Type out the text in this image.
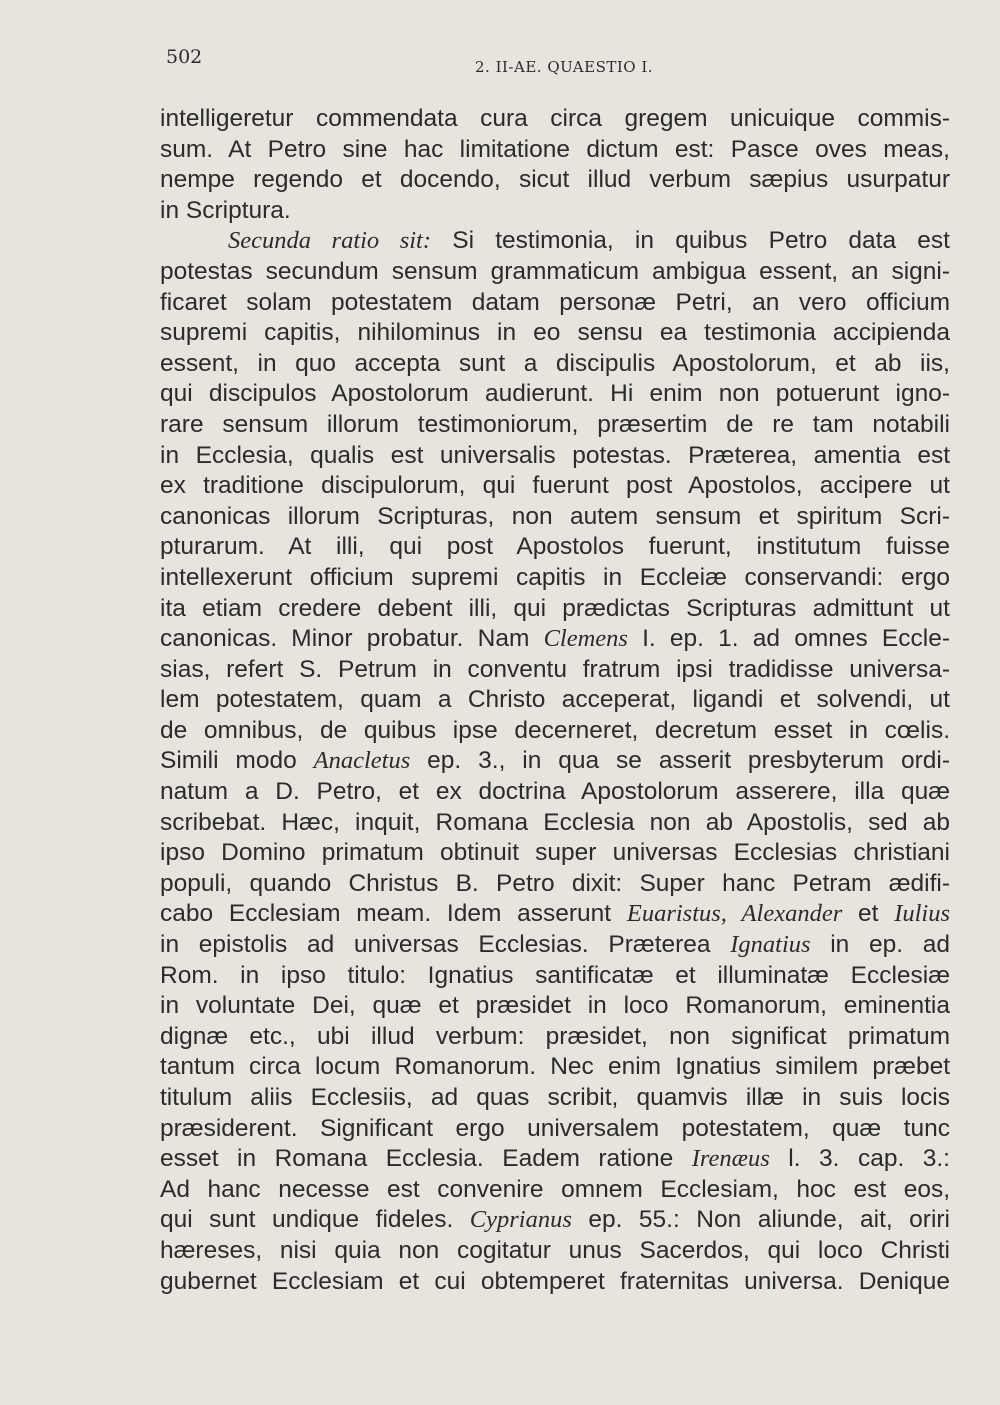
502	2. II-AE. QUAESTIO I.
intelligeretur commendata cura circa gregem unicuique commis-
sum. At Petro sine hac limitatione dictum est: Pasce oves meas,
nempe regendo et docendo, sicut illud verbum sæpius usurpatur
in Scriptura.
Secunda ratio sit: Si testimonia, in quibus Petro data est
potestas secundum sensum grammaticum ambigua essent, an signi-
ficaret solam potestatem datam personæ Petri, an vero officium
supremi capitis, nihilominus in eo sensu ea testimonia accipienda
essent, in quo accepta sunt a discipulis Apostolorum, et ab iis,
qui discipulos Apostolorum audierunt. Hi enim non potuerunt igno-
rare sensum illorum testimoniorum, præsertim de re tam notabili
in Ecclesia, qualis est universalis potestas. Præterea, amentia est
ex traditione discipulorum, qui fuerunt post Apostolos, accipere ut
canonicas illorum Scripturas, non autem sensum et spiritum Scri-
pturarum. At illi, qui post Apostolos fuerunt, institutum fuisse
intellexerunt officium supremi capitis in Ecclеiæ conservandi: ergo
ita etiam credere debent illi, qui prædictas Scripturas admittunt ut
canonicas. Minor probatur. Nam Clemens I. ep. 1. ad omnes Eccle-
sias, refert S. Petrum in conventu fratrum ipsi tradidisse universa-
lem potestatem, quam a Christo acceperat, ligandi et solvendi, ut
de omnibus, de quibus ipse decerneret, decretum esset in cœlis.
Simili modo Anacletus ep. 3., in qua se asserit presbyterum ordi-
natum a D. Petro, et ex doctrina Apostolorum asserere, illa quæ
scribebat. Hæc, inquit, Romana Ecclesia non ab Apostolis, sed ab
ipso Domino primatum obtinuit super universas Ecclesias christiani
populi, quando Christus B. Petro dixit: Super hanc Petram ædifi-
cabo Ecclesiam meam. Idem asserunt Euaristus, Alexander et Iulius
in epistolis ad universas Ecclesias. Præterea Ignatius in ep. ad
Rom. in ipso titulo: Ignatius santificatæ et illuminatæ Ecclesiæ
in voluntate Dei, quæ et præsidet in loco Romanorum, eminentia
dignæ etc., ubi illud verbum: præsidet, non significat primatum
tantum circa locum Romanorum. Nec enim Ignatius similem præbet
titulum aliis Ecclesiis, ad quas scribit, quamvis illæ in suis locis
præsiderent. Significant ergo universalem potestatem, quæ tunc
esset in Romana Ecclesia. Eadem ratione Irenæus l. 3. cap. 3.:
Ad hanc necesse est convenire omnem Ecclesiam, hoc est eos,
qui sunt undique fideles. Cyprianus ep. 55.: Non aliunde, ait, oriri
hæreses, nisi quia non cogitatur unus Sacerdos, qui loco Christi
gubernet Ecclesiam et cui obtemperet fraternitas universa. Denique
